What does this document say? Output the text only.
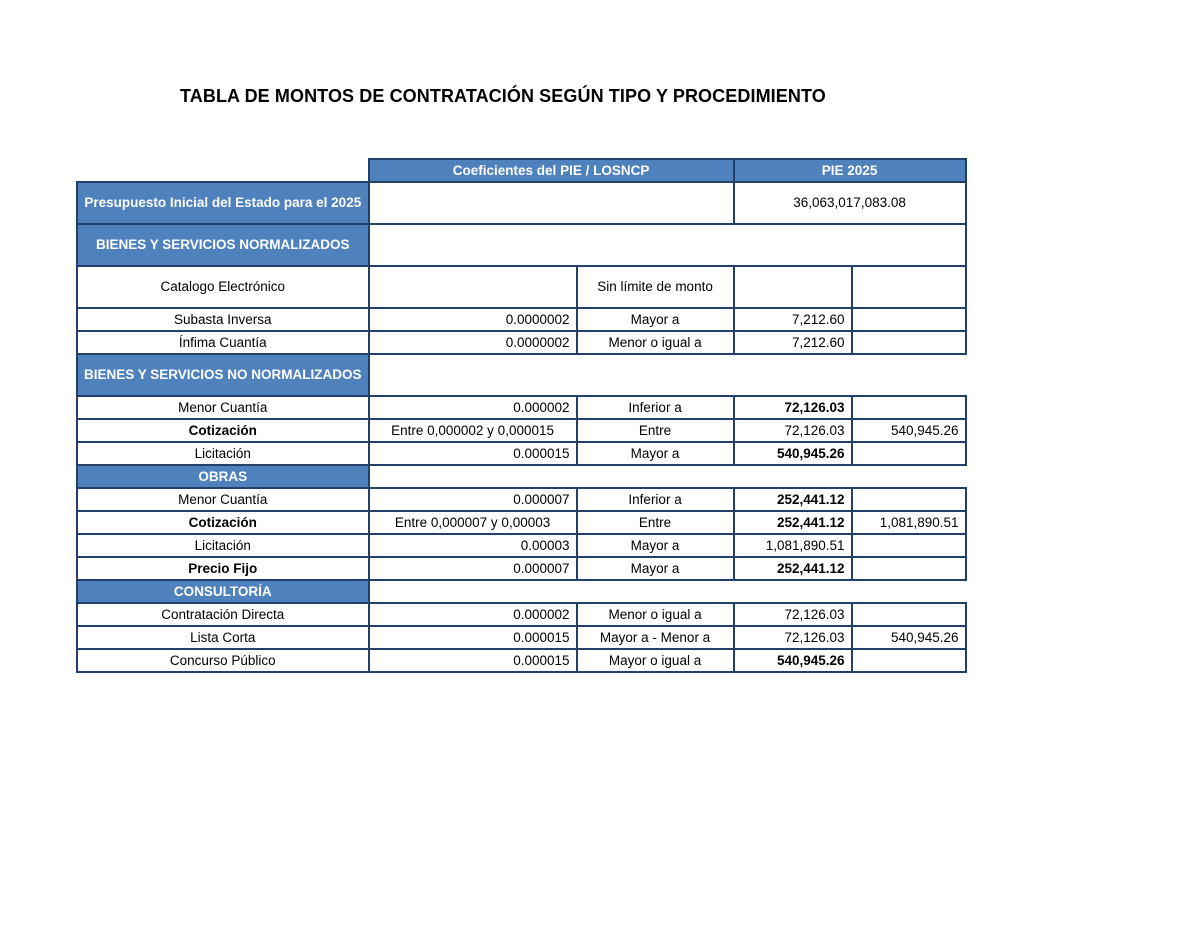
TABLA DE MONTOS DE CONTRATACIÓN SEGÚN TIPO Y PROCEDIMIENTO
	Coeficientes del PIE / LOSNCP		PIE 2025	
Presupuesto Inicial del Estado para el 2025			36,063,017,083.08	
BIENES Y SERVICIOS NORMALIZADOS				
Catalogo Electrónico		Sin límite de monto		
Subasta Inversa	0.0000002	Mayor a	7,212.60	
Ínfima Cuantía	0.0000002	Menor o igual a	7,212.60	
BIENES Y SERVICIOS NO NORMALIZADOS				
Menor Cuantía	0.000002	Inferior a	72,126.03	
Cotización	Entre 0,000002 y 0,000015	Entre	72,126.03	540,945.26
Licitación	0.000015	Mayor a	540,945.26	
OBRAS				
Menor Cuantía	0.000007	Inferior a	252,441.12	
Cotización	Entre 0,000007 y 0,00003	Entre	252,441.12	1,081,890.51
Licitación	0.00003	Mayor a	1,081,890.51	
Precio Fijo	0.000007	Mayor a	252,441.12	
CONSULTORÍA				
Contratación Directa	0.000002	Menor o igual a	72,126.03	
Lista Corta	0.000015	Mayor a - Menor a	72,126.03	540,945.26
Concurso Público	0.000015	Mayor o igual a	540,945.26	
